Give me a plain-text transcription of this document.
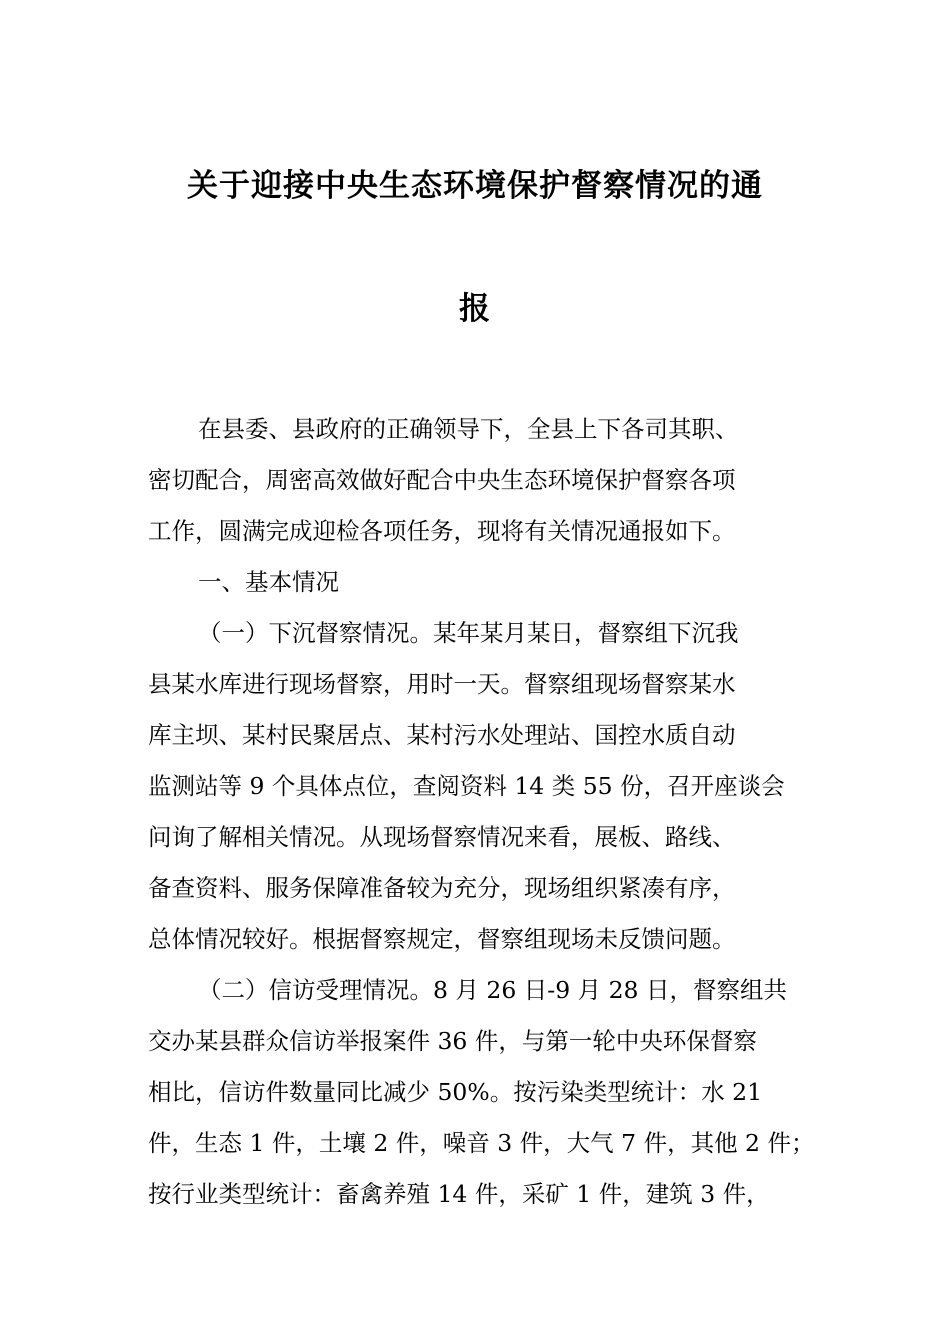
关于迎接中央生态环境保护督察情况的通
报
在县委、县政府的正确领导下，全县上下各司其职、
密切配合，周密高效做好配合中央生态环境保护督察各项
工作，圆满完成迎检各项任务，现将有关情况通报如下。
一、基本情况
（一）下沉督察情况。某年某月某日，督察组下沉我
县某水库进行现场督察，用时一天。督察组现场督察某水
库主坝、某村民聚居点、某村污水处理站、国控水质自动
监测站等 9 个具体点位，查阅资料 14 类 55 份，召开座谈会
问询了解相关情况。从现场督察情况来看，展板、路线、
备查资料、服务保障准备较为充分，现场组织紧凑有序，
总体情况较好。根据督察规定，督察组现场未反馈问题。
（二）信访受理情况。8 月 26 日-9 月 28 日，督察组共
交办某县群众信访举报案件 36 件，与第一轮中央环保督察
相比，信访件数量同比减少 50%。按污染类型统计：水 21
件，生态 1 件，土壤 2 件，噪音 3 件，大气 7 件，其他 2 件；
按行业类型统计：畜禽养殖 14 件，采矿 1 件，建筑 3 件，
